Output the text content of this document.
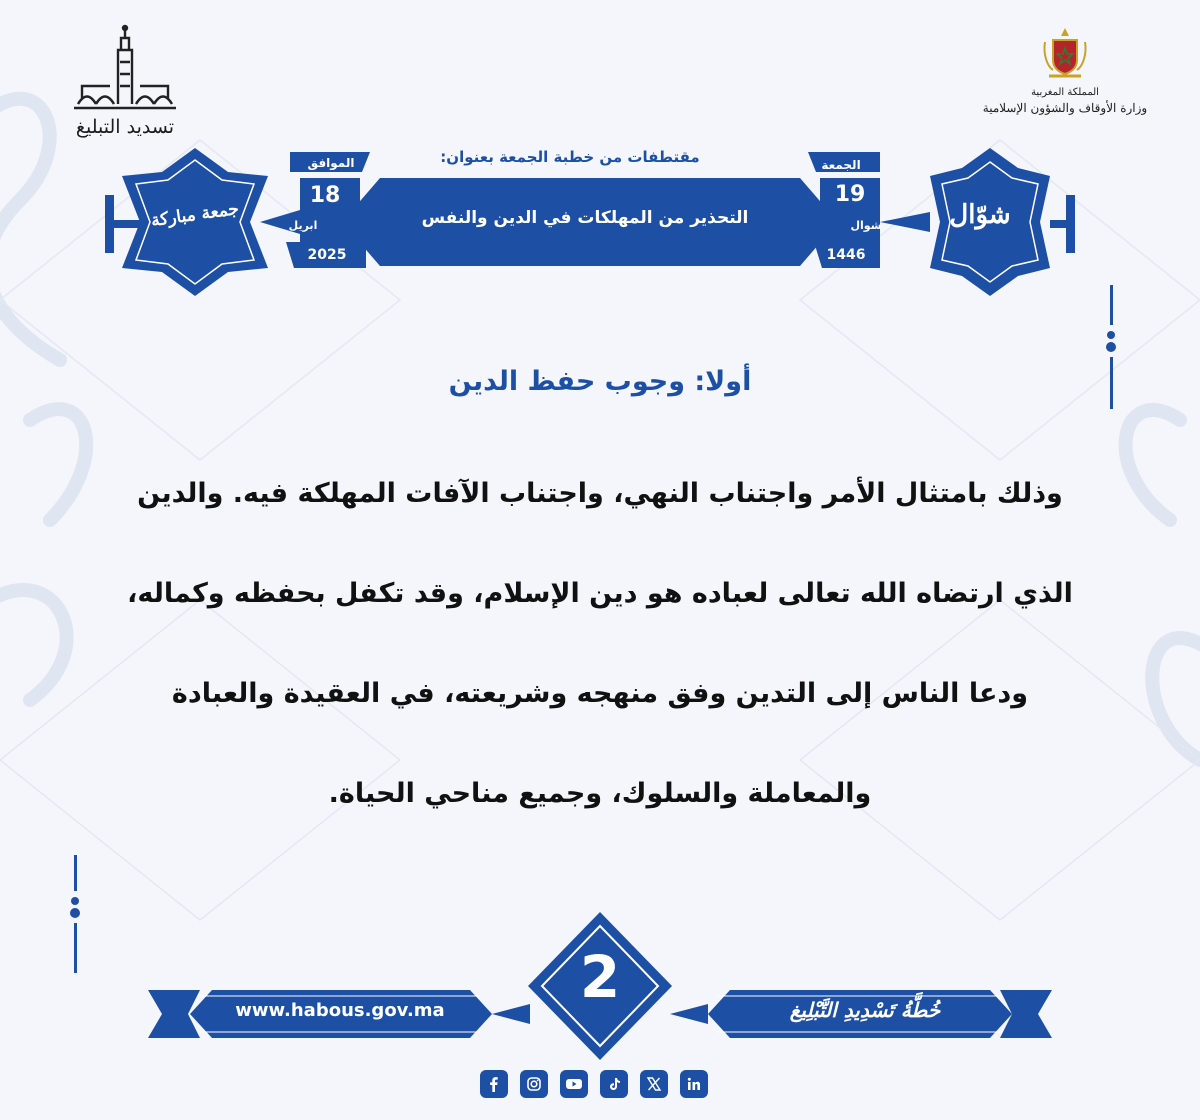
تسديد التبليغ
المملكة المغربية
وزارة الأوقاف والشؤون الإسلامية
مقتطفات من خطبة الجمعة بعنوان:
التحذير من المهلكات في الدين والنفس
الجمعة
19
شوال
1446
الموافق
18
ابريل
2025
جمعة مباركة	شوّال
أولا: وجوب حفظ الدين

وذلك بامتثال الأمر واجتناب النهي، واجتناب الآفات المهلكة فيه. والدين

الذي ارتضاه الله تعالى لعباده هو دين الإسلام، وقد تكفل بحفظه وكماله،

ودعا الناس إلى التدين وفق منهجه وشريعته، في العقيدة والعبادة

والمعاملة والسلوك، وجميع مناحي الحياة.

www.habous.gov.ma	2	خُطَّةُ تَسْدِيدِ التَّبْلِيغ
